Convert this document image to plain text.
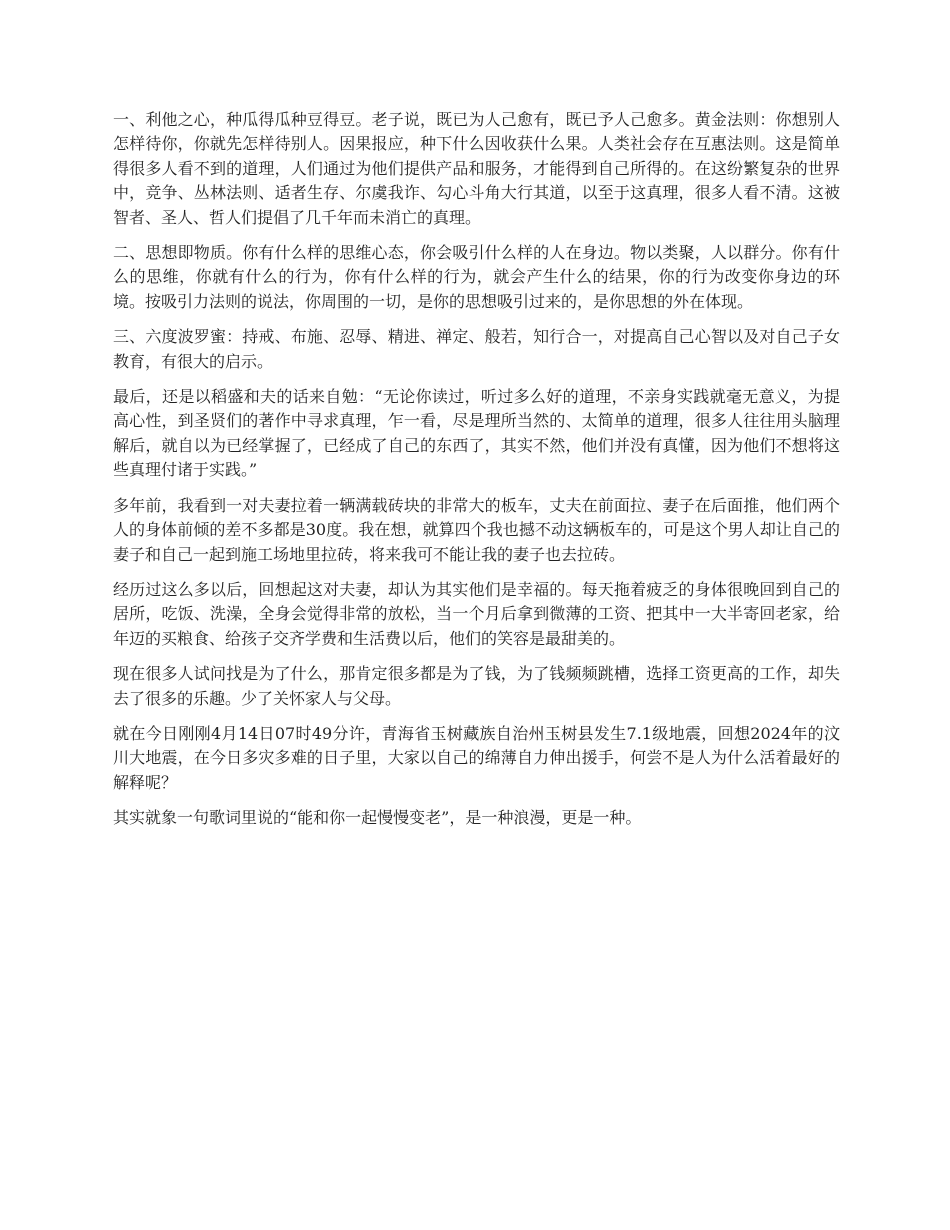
一、利他之心，种瓜得瓜种豆得豆。老子说，既已为人己愈有，既已予人己愈多。黄金法则：你想别人怎样待你，你就先怎样待别人。因果报应，种下什么因收获什么果。人类社会存在互惠法则。这是简单得很多人看不到的道理，人们通过为他们提供产品和服务，才能得到自己所得的。在这纷繁复杂的世界中，竞争、丛林法则、适者生存、尔虞我诈、勾心斗角大行其道，以至于这真理，很多人看不清。这被智者、圣人、哲人们提倡了几千年而未消亡的真理。

二、思想即物质。你有什么样的思维心态，你会吸引什么样的人在身边。物以类聚，人以群分。你有什么的思维，你就有什么的行为，你有什么样的行为，就会产生什么的结果，你的行为改变你身边的环境。按吸引力法则的说法，你周围的一切，是你的思想吸引过来的，是你思想的外在体现。

三、六度波罗蜜：持戒、布施、忍辱、精进、禅定、般若，知行合一，对提高自己心智以及对自己子女教育，有很大的启示。

最后，还是以稻盛和夫的话来自勉：“无论你读过，听过多么好的道理，不亲身实践就毫无意义，为提高心性，到圣贤们的著作中寻求真理，乍一看，尽是理所当然的、太简单的道理，很多人往往用头脑理解后，就自以为已经掌握了，已经成了自己的东西了，其实不然，他们并没有真懂，因为他们不想将这些真理付诸于实践。”

多年前，我看到一对夫妻拉着一辆满载砖块的非常大的板车，丈夫在前面拉、妻子在后面推，他们两个人的身体前倾的差不多都是30度。我在想，就算四个我也撼不动这辆板车的，可是这个男人却让自己的妻子和自己一起到施工场地里拉砖，将来我可不能让我的妻子也去拉砖。

经历过这么多以后，回想起这对夫妻，却认为其实他们是幸福的。每天拖着疲乏的身体很晚回到自己的居所，吃饭、洗澡，全身会觉得非常的放松，当一个月后拿到微薄的工资、把其中一大半寄回老家，给年迈的买粮食、给孩子交齐学费和生活费以后，他们的笑容是最甜美的。

现在很多人试问找是为了什么，那肯定很多都是为了钱，为了钱频频跳槽，选择工资更高的工作，却失去了很多的乐趣。少了关怀家人与父母。

就在今日刚刚4月14日07时49分许，青海省玉树藏族自治州玉树县发生7.1级地震，回想2024年的汶川大地震，在今日多灾多难的日子里，大家以自己的绵薄自力伸出援手，何尝不是人为什么活着最好的解释呢？

其实就象一句歌词里说的“能和你一起慢慢变老”，是一种浪漫，更是一种。
